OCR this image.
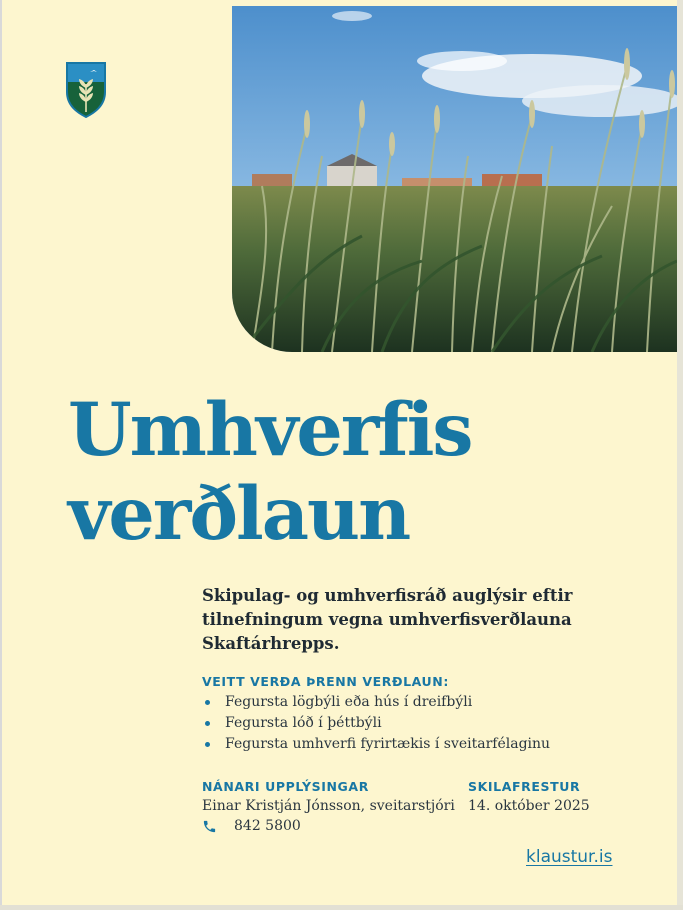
Umhverfis
verðlaun

Skipulag- og umhverfisráð auglýsir eftir
tilnefningum vegna umhverfisverðlauna
Skaftárhrepps.

VEITT VERÐA ÞRENN VERÐLAUN:

Fegursta lögbýli eða hús í dreifbýli
Fegursta lóð í þéttbýli
Fegursta umhverfi fyrirtækis í sveitarfélaginu

NÁNARI UPPLÝSINGAR

Einar Kristján Jónsson, sveitarstjóri

842 5800

SKILAFRESTUR

14. október 2025

klaustur.is
